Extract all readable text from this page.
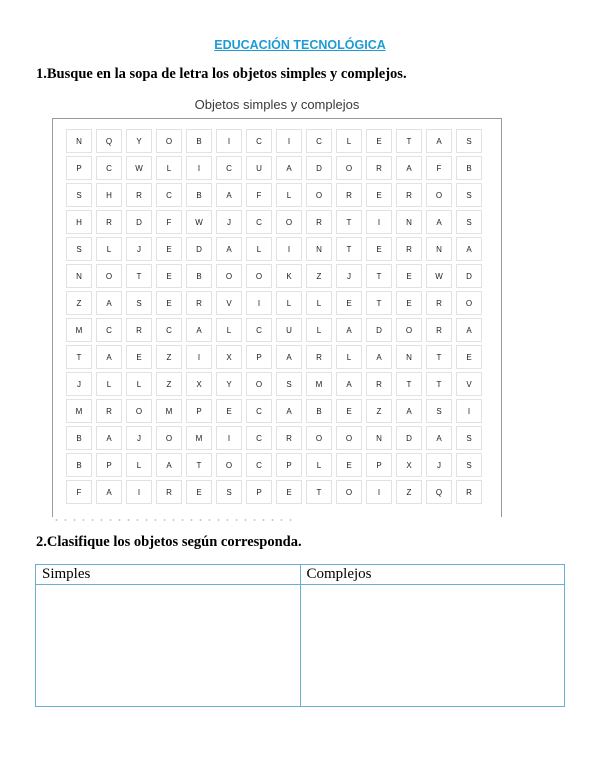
EDUCACIÓN TECNOLÓGICA

1.Busque en la sopa de letra los objetos simples y complejos.

Objetos simples y complejos
N	Q	Y	O	B	I	C	I	C	L	E	T	A	S
P	C	W	L	I	C	U	A	D	O	R	A	F	B
S	H	R	C	B	A	F	L	O	R	E	R	O	S
H	R	D	F	W	J	C	O	R	T	I	N	A	S
S	L	J	E	D	A	L	I	N	T	E	R	N	A
N	O	T	E	B	O	O	K	Z	J	T	E	W	D
Z	A	S	E	R	V	I	L	L	E	T	E	R	O
M	C	R	C	A	L	C	U	L	A	D	O	R	A
T	A	E	Z	I	X	P	A	R	L	A	N	T	E
J	L	L	Z	X	Y	O	S	M	A	R	T	T	V
M	R	O	M	P	E	C	A	B	E	Z	A	S	I
B	A	J	O	M	I	C	R	O	O	N	D	A	S
B	P	L	A	T	O	C	P	L	E	P	X	J	S
F	A	I	R	E	S	P	E	T	O	I	Z	Q	R

2.Clasifique los objetos según corresponda.

Simples	Complejos
